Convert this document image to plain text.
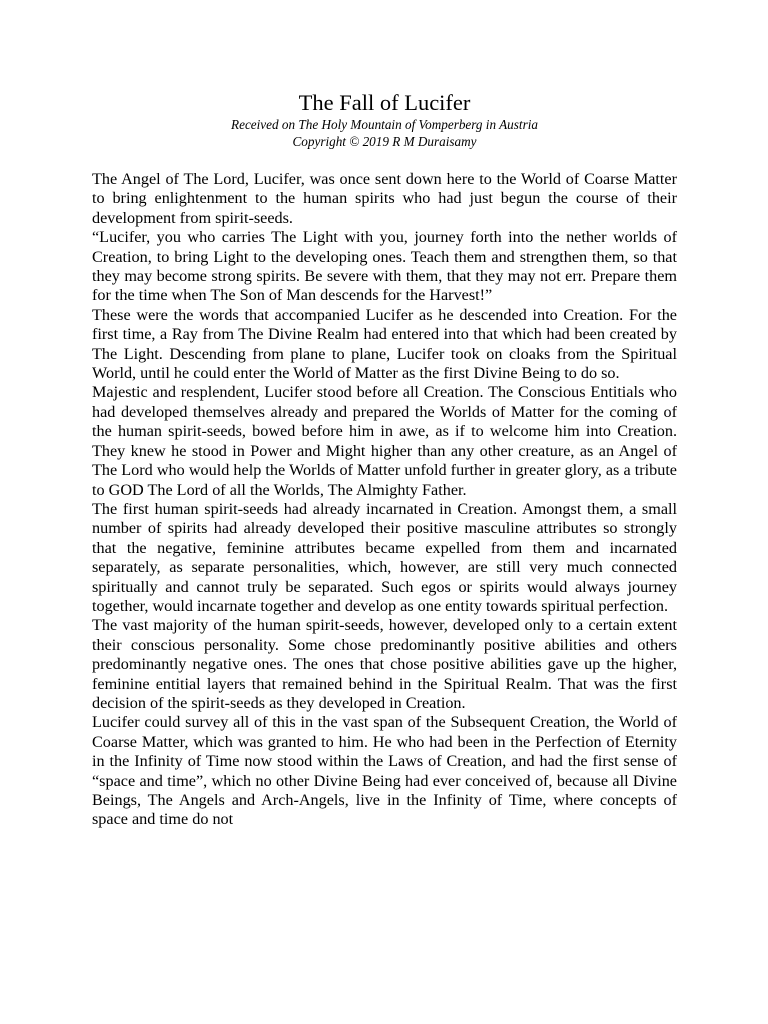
The Fall of Lucifer
Received on The Holy Mountain of Vomperberg in Austria
Copyright © 2019 R M Duraisamy

The Angel of The Lord, Lucifer, was once sent down here to the World of Coarse Matter to bring enlightenment to the human spirits who had just begun the course of their development from spirit-seeds.

“Lucifer, you who carries The Light with you, journey forth into the nether worlds of Creation, to bring Light to the developing ones. Teach them and strengthen them, so that they may become strong spirits. Be severe with them, that they may not err. Prepare them for the time when The Son of Man descends for the Harvest!”

These were the words that accompanied Lucifer as he descended into Creation. For the first time, a Ray from The Divine Realm had entered into that which had been created by The Light. Descending from plane to plane, Lucifer took on cloaks from the Spiritual World, until he could enter the World of Matter as the first Divine Being to do so.

Majestic and resplendent, Lucifer stood before all Creation. The Conscious Entitials who had developed themselves already and prepared the Worlds of Matter for the coming of the human spirit-seeds, bowed before him in awe, as if to welcome him into Creation. They knew he stood in Power and Might higher than any other creature, as an Angel of The Lord who would help the Worlds of Matter unfold further in greater glory, as a tribute to GOD The Lord of all the Worlds, The Almighty Father.

The first human spirit-seeds had already incarnated in Creation. Amongst them, a small number of spirits had already developed their positive masculine attributes so strongly that the negative, feminine attributes became expelled from them and incarnated separately, as separate personalities, which, however, are still very much connected spiritually and cannot truly be separated. Such egos or spirits would always journey together, would incarnate together and develop as one entity towards spiritual perfection.

The vast majority of the human spirit-seeds, however, developed only to a certain extent their conscious personality. Some chose predominantly positive abilities and others predominantly negative ones. The ones that chose positive abilities gave up the higher, feminine entitial layers that remained behind in the Spiritual Realm. That was the first decision of the spirit-seeds as they developed in Creation.

Lucifer could survey all of this in the vast span of the Subsequent Creation, the World of Coarse Matter, which was granted to him. He who had been in the Perfection of Eternity in the Infinity of Time now stood within the Laws of Creation, and had the first sense of “space and time”, which no other Divine Being had ever conceived of, because all Divine Beings, The Angels and Arch-Angels, live in the Infinity of Time, where concepts of space and time do not
